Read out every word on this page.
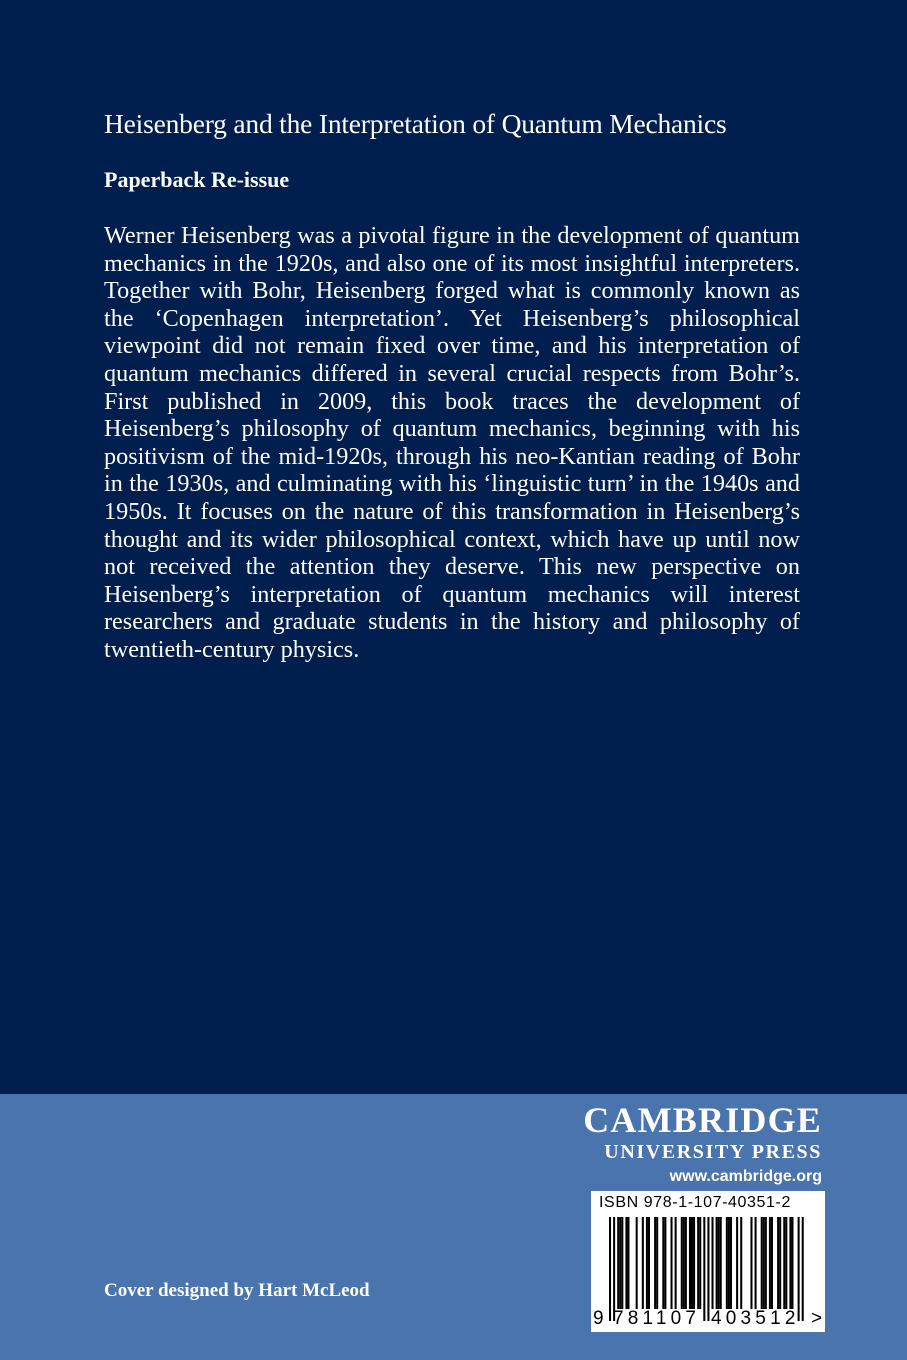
Heisenberg and the Interpretation of Quantum Mechanics
Paperback Re-issue

Werner Heisenberg was a pivotal figure in the development of quantum mechanics in the 1920s, and also one of its most insightful interpreters. Together with Bohr, Heisenberg forged what is commonly known as the ‘Copenhagen interpretation’. Yet Heisenberg’s philosophical viewpoint did not remain fixed over time, and his interpretation of quantum mechanics differed in several crucial respects from Bohr’s. First published in 2009, this book traces the development of Heisenberg’s philosophy of quantum mechanics, beginning with his positivism of the mid-1920s, through his neo-Kantian reading of Bohr in the 1930s, and culminating with his ‘linguistic turn’ in the 1940s and 1950s. It focuses on the nature of this transformation in Heisenberg’s thought and its wider philosophical context, which have up until now not received the attention they deserve. This new perspective on Heisenberg’s interpretation of quantum mechanics will interest researchers and graduate students in the history and philosophy of twentieth-century physics.

CAMBRIDGE
UNIVERSITY PRESS
www.cambridge.org
ISBN 978-1-107-40351-2
9 781107 403512 >

Cover designed by Hart McLeod
